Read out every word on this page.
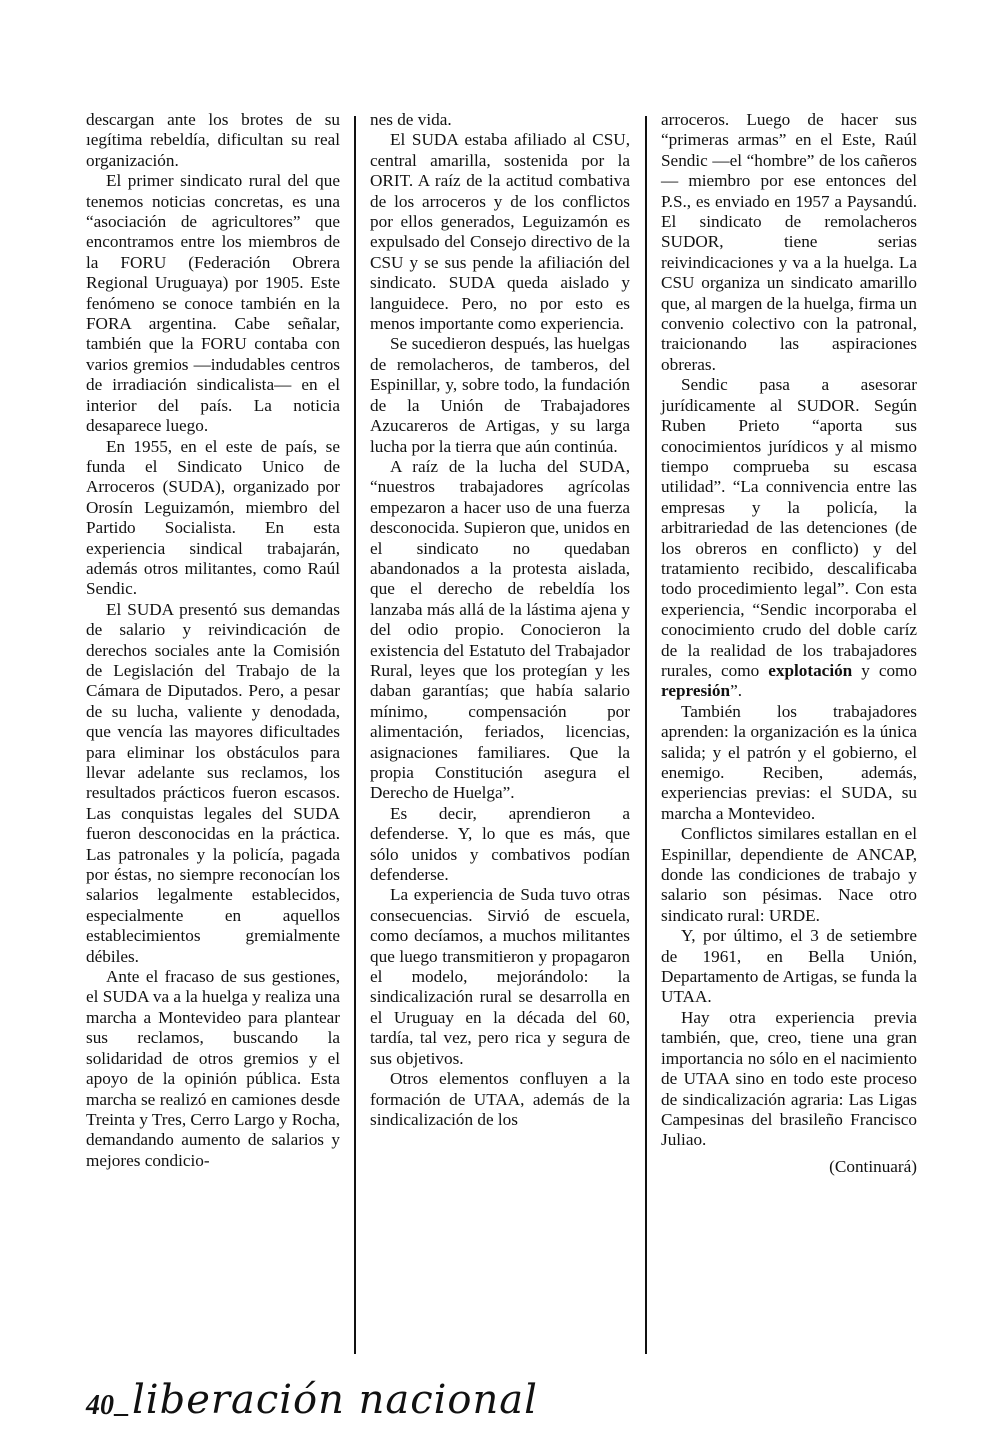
descargan ante los brotes de su ıegítima rebeldía, dificultan su real organización.

El primer sindicato rural del que tenemos noticias concretas, es una “asociación de agricultores” que encontramos entre los miembros de la FORU (Federación Obrera Regional Uruguaya) por 1905. Este fenómeno se conoce también en la FORA argentina. Cabe señalar, también que la FORU contaba con varios gremios —indudables centros de irradiación sindicalista— en el interior del país. La noticia desaparece luego.

En 1955, en el este de país, se funda el Sindicato Unico de Arroceros (SUDA), organizado por Orosín Leguizamón, miembro del Partido Socialista. En esta experiencia sindical trabajarán, además otros militantes, como Raúl Sendic.

El SUDA presentó sus demandas de salario y reivindicación de derechos sociales ante la Comisión de Legislación del Trabajo de la Cámara de Diputados. Pero, a pesar de su lucha, valiente y denodada, que vencía las mayores dificultades para eliminar los obstáculos para llevar adelante sus reclamos, los resultados prácticos fueron escasos. Las conquistas legales del SUDA fueron desconocidas en la práctica. Las patronales y la policía, pagada por éstas, no siempre reconocían los salarios legalmente establecidos, especialmente en aquellos establecimientos gremialmente débiles.

Ante el fracaso de sus gestiones, el SUDA va a la huelga y realiza una marcha a Montevideo para plantear sus reclamos, buscando la solidaridad de otros gremios y el apoyo de la opinión pública. Esta marcha se realizó en camiones desde Treinta y Tres, Cerro Largo y Rocha, demandando aumento de salarios y mejores condicio-

nes de vida.

El SUDA estaba afiliado al CSU, central amarilla, sostenida por la ORIT. A raíz de la actitud combativa de los arroceros y de los conflictos por ellos generados, Leguizamón es expulsado del Consejo directivo de la CSU y se sus pende la afiliación del sindicato. SUDA queda aislado y languidece. Pero, no por esto es menos importante como experiencia.

Se sucedieron después, las huelgas de remolacheros, de tamberos, del Espinillar, y, sobre todo, la fundación de la Unión de Trabajadores Azucareros de Artigas, y su larga lucha por la tierra que aún continúa.

A raíz de la lucha del SUDA, “nuestros trabajadores agrícolas empezaron a hacer uso de una fuerza desconocida. Supieron que, unidos en el sindicato no quedaban abandonados a la protesta aislada, que el derecho de rebeldía los lanzaba más allá de la lástima ajena y del odio propio. Conocieron la existencia del Estatuto del Trabajador Rural, leyes que los protegían y les daban garantías; que había salario mínimo, compensación por alimentación, feriados, licencias, asignaciones familiares. Que la propia Constitución asegura el Derecho de Huelga”.

Es decir, aprendieron a defenderse. Y, lo que es más, que sólo unidos y combativos podían defenderse.

La experiencia de Suda tuvo otras consecuencias. Sirvió de escuela, como decíamos, a muchos militantes que luego transmitieron y propagaron el modelo, mejorándolo: la sindicalización rural se desarrolla en el Uruguay en la década del 60, tardía, tal vez, pero rica y segura de sus objetivos.

Otros elementos confluyen a la formación de UTAA, además de la sindicalización de los

arroceros. Luego de hacer sus “primeras armas” en el Este, Raúl Sendic —el “hombre” de los cañeros— miembro por ese entonces del P.S., es enviado en 1957 a Paysandú. El sindicato de remolacheros SUDOR, tiene serias reivindicaciones y va a la huelga. La CSU organiza un sindicato amarillo que, al margen de la huelga, firma un convenio colectivo con la patronal, traicionando las aspiraciones obreras.

Sendic pasa a asesorar jurídicamente al SUDOR. Según Ruben Prieto “aporta sus conocimientos jurídicos y al mismo tiempo comprueba su escasa utilidad”. “La connivencia entre las empresas y la policía, la arbitrariedad de las detenciones (de los obreros en conflicto) y del tratamiento recibido, descalificaba todo procedimiento legal”. Con esta experiencia, “Sendic incorporaba el conocimiento crudo del doble caríz de la realidad de los trabajadores rurales, como explotación y como represión”.

También los trabajadores aprenden: la organización es la única salida; y el patrón y el gobierno, el enemigo. Reciben, además, experiencias previas: el SUDA, su marcha a Montevideo.

Conflictos similares estallan en el Espinillar, dependiente de ANCAP, donde las condiciones de trabajo y salario son pésimas. Nace otro sindicato rural: URDE.

Y, por último, el 3 de setiembre de 1961, en Bella Unión, Departamento de Artigas, se funda la UTAA.

Hay otra experiencia previa también, que, creo, tiene una gran importancia no sólo en el nacimiento de UTAA sino en todo este proceso de sindicalización agraria: Las Ligas Campesinas del brasileño Francisco Juliao.

(Continuará)

40 _ liberación nacional
